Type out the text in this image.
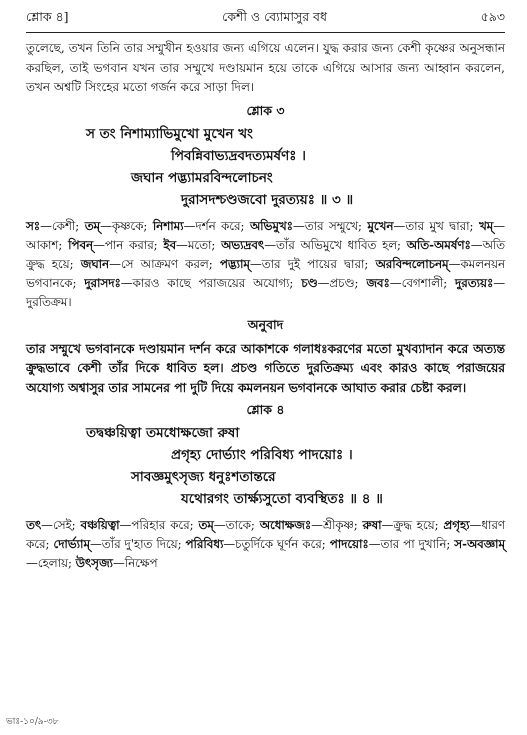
শ্লোক ৪]	কেশী ও ব্যোমাসুর বধ	৫৯৩

তুলেছে, তখন তিনি তার সম্মুখীন হওয়ার জন্য এগিয়ে এলেন। যুদ্ধ করার জন্য কেশী কৃষ্ণের অনুসন্ধান করছিল, তাই ভগবান যখন তার সম্মুখে দণ্ডায়মান হয়ে তাকে এগিয়ে আসার জন্য আহ্বান করলেন, তখন অশ্বটি সিংহের মতো গর্জন করে সাড়া দিল।

শ্লোক ৩
স তং নিশাম্যাভিমুখো মুখেন খং
পিবন্নিবাভ্যদ্রবদত্যমর্ষণঃ ।
জঘান পদ্ভ্যামরবিন্দলোচনং
দুরাসদশ্চণ্ডজবো দুরত্যয়ঃ ॥ ৩ ॥

সঃ—কেশী; তম্—কৃষ্ণকে; নিশাম্য—দর্শন করে; অভিমুখঃ—তার সম্মুখে; মুখেন—তার মুখ দ্বারা; খম্—আকাশ; পিবন্—পান করার; ইব—মতো; অভ্যদ্রবৎ—তাঁর অভিমুখে ধাবিত হল; অতি-অমর্ষণঃ—অতি ক্রুদ্ধ হয়ে; জঘান—সে আক্রমণ করল; পদ্ভ্যাম্—তার দুই পায়ের দ্বারা; অরবিন্দলোচনম্—কমলনয়ন ভগবানকে; দুরাসদঃ—কারও কাছে পরাজয়ের অযোগ্য; চণ্ড—প্রচণ্ড; জবঃ—বেগশালী; দুরত্যয়ঃ—দুরতিক্রম।

অনুবাদ

তার সম্মুখে ভগবানকে দণ্ডায়মান দর্শন করে আকাশকে গলাধঃকরণের মতো মুখব্যাদান করে অত্যন্ত ক্রুদ্ধভাবে কেশী তাঁর দিকে ধাবিত হল। প্রচণ্ড গতিতে দুরতিক্রম্য এবং কারও কাছে পরাজয়ের অযোগ্য অশ্বাসুর তার সামনের পা দুটি দিয়ে কমলনয়ন ভগবানকে আঘাত করার চেষ্টা করল।

শ্লোক ৪
তদ্বঞ্চয়িত্বা তমধোক্ষজো রুষা
প্রগৃহ্য দোর্ভ্যাং পরিবিধ্য পাদয়োঃ ।
সাবজ্ঞমুৎসৃজ্য ধনুঃশতান্তরে
যথোরগং তার্ক্ষ্যসুতো ব্যবস্থিতঃ ॥ ৪ ॥

তৎ—সেই; বঞ্চয়িত্বা—পরিহার করে; তম্—তাকে; অধোক্ষজঃ—শ্রীকৃষ্ণ; রুষা—ক্রুদ্ধ হয়ে; প্রগৃহ্য—ধারণ করে; দোর্ভ্যাম্—তাঁর দু'হাত দিয়ে; পরিবিধ্য—চতুর্দিকে ঘূর্ণন করে; পাদয়োঃ—তার পা দুখানি; স-অবজ্ঞাম্—হেলায়; উৎসৃজ্য—নিক্ষেপ

ভাঃ-১০/৯-৩৮
